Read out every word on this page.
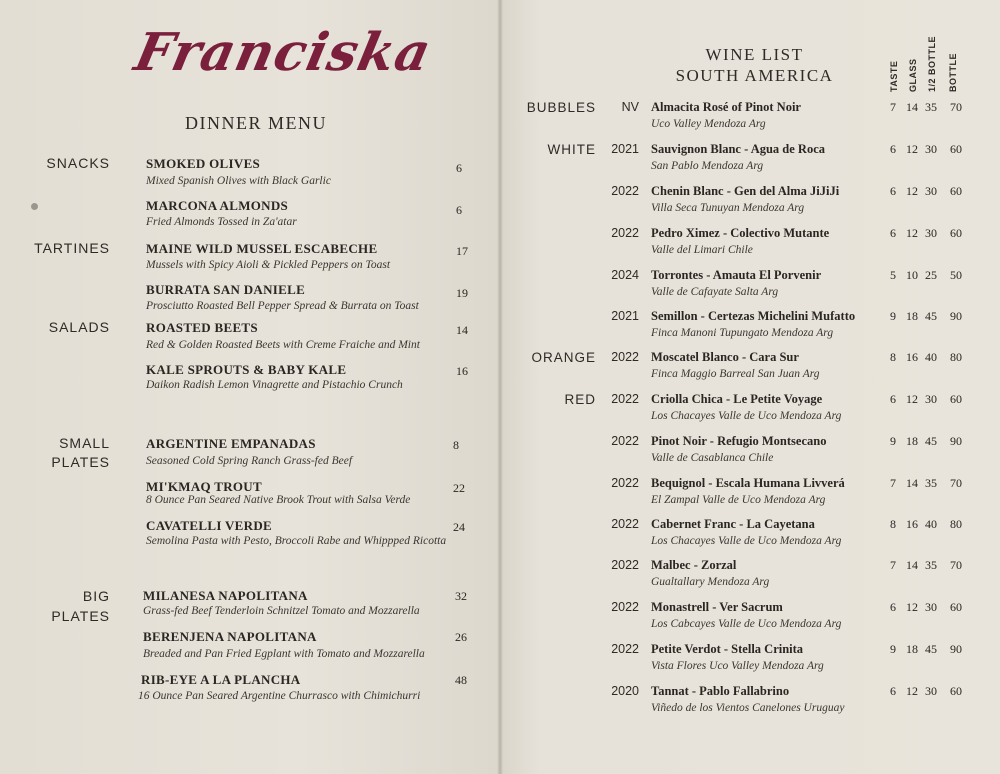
Franciska
DINNER MENU
SNACKS	SMOKED OLIVES
Mixed Spanish Olives with Black Garlic
6
MARCONA ALMONDS
Fried Almonds Tossed in Za'atar
6
TARTINES	MAINE WILD MUSSEL ESCABECHE
Mussels with Spicy Aioli & Pickled Peppers on Toast
17
BURRATA SAN DANIELE
Prosciutto Roasted Bell Pepper Spread & Burrata on Toast
19
SALADS	ROASTED BEETS
Red & Golden Roasted Beets with Creme Fraiche and Mint
14
KALE SPROUTS & BABY KALE
Daikon Radish Lemon Vinagrette and Pistachio Crunch
16
SMALL
PLATES
ARGENTINE EMPANADAS
Seasoned Cold Spring Ranch Grass-fed Beef
8
MI'KMAQ TROUT
8 Ounce Pan Seared Native Brook Trout with Salsa Verde
22
CAVATELLI VERDE
Semolina Pasta with Pesto, Broccoli Rabe and Whippped Ricotta
24
BIG
PLATES
MILANESA NAPOLITANA
Grass-fed Beef Tenderloin Schnitzel Tomato and Mozzarella
32
BERENJENA NAPOLITANA
Breaded and Pan Fried Egplant with Tomato and Mozzarella
26
RIB-EYE A LA PLANCHA
16 Ounce Pan Seared Argentine Churrasco with Chimichurri
48
WINE LIST
SOUTH AMERICA	TASTE GLASS 1/2 BOTTLE BOTTLE
BUBBLES	NV Almacita Rosé of Pinot Noir
Uco Valley Mendoza Arg
7 14 35 70
WHITE	2021 Sauvignon Blanc - Agua de Roca
San Pablo Mendoza Arg
6 12 30 60
2022 Chenin Blanc - Gen del Alma JiJiJi
Villa Seca Tunuyan Mendoza Arg
6 12 30 60
2022 Pedro Ximez - Colectivo Mutante
Valle del Limari Chile
6 12 30 60
2024 Torrontes - Amauta El Porvenir
Valle de Cafayate Salta Arg
5 10 25 50
2021 Semillon - Certezas Michelini Mufatto
Finca Manoni Tupungato Mendoza Arg
9 18 45 90
ORANGE	2022 Moscatel Blanco - Cara Sur
Finca Maggio Barreal San Juan Arg
8 16 40 80
RED	2022 Criolla Chica - Le Petite Voyage
Los Chacayes Valle de Uco Mendoza Arg
6 12 30 60
2022 Pinot Noir - Refugio Montsecano
Valle de Casablanca Chile
9 18 45 90
2022 Bequignol - Escala Humana Livverá
El Zampal Valle de Uco Mendoza Arg
7 14 35 70
2022 Cabernet Franc - La Cayetana
Los Chacayes Valle de Uco Mendoza Arg
8 16 40 80
2022 Malbec - Zorzal
Gualtallary Mendoza Arg
7 14 35 70
2022 Monastrell - Ver Sacrum
Los Cabcayes Valle de Uco Mendoza Arg
6 12 30 60
2022 Petite Verdot - Stella Crinita
Vista Flores Uco Valley Mendoza Arg
9 18 45 90
2020 Tannat - Pablo Fallabrino
Viñedo de los Vientos Canelones Uruguay
6 12 30 60
